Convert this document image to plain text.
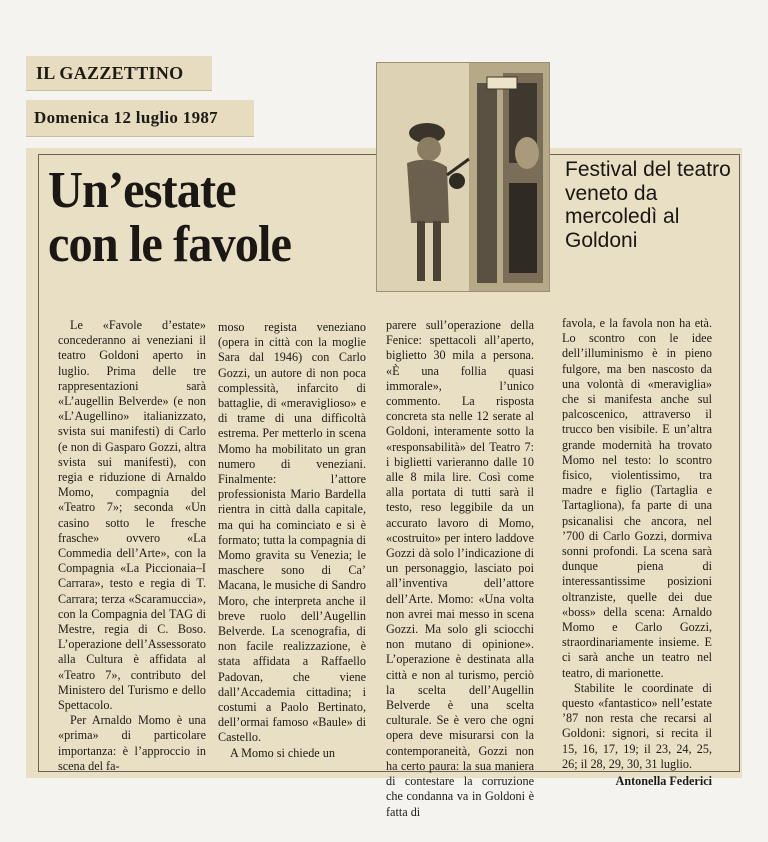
IL GAZZETTINO
Domenica 12 luglio 1987
Un’estate
con le favole

Festival del teatro veneto da mercoledì al Goldoni

Le «Favole d’estate» concederanno ai veneziani il teatro Goldoni aperto in luglio. Prima delle tre rappresentazioni sarà «L’augellin Belverde» (e non «L’Augellino» italianizzato, svista sui manifesti) di Carlo (e non di Gasparo Gozzi, altra svista sui manifesti), con regia e riduzione di Arnaldo Momo, compagnia del «Teatro 7»; seconda «Un casino sotto le fresche frasche» ovvero «La Commedia dell’Arte», con la Compagnia «La Piccionaia–I Carrara», testo e regia di T. Carrara; terza «Scaramuccia», con la Compagnia del TAG di Mestre, regia di C. Boso. L’operazione dell’Assessorato alla Cultura è affidata al «Teatro 7», contributo del Ministero del Turismo e dello Spettacolo.

Per Arnaldo Momo è una «prima» di particolare importanza: è l’approccio in scena del fa-

moso regista veneziano (opera in città con la moglie Sara dal 1946) con Carlo Gozzi, un autore di non poca complessità, infarcito di battaglie, di «meraviglioso» e di trame di una difficoltà estrema. Per metterlo in scena Momo ha mobilitato un gran numero di veneziani. Finalmente: l’attore professionista Mario Bardella rientra in città dalla capitale, ma qui ha cominciato e si è formato; tutta la compagnia di Momo gravita su Venezia; le maschere sono di Ca’ Macana, le musiche di Sandro Moro, che interpreta anche il breve ruolo dell’Augellin Belverde. La scenografia, di non facile realizzazione, è stata affidata a Raffaello Padovan, che viene dall’Accademia cittadina; i costumi a Paolo Bertinato, dell’ormai famoso «Baule» di Castello.

A Momo si chiede un

parere sull’operazione della Fenice: spettacoli all’aperto, biglietto 30 mila a persona. «È una follia quasi immorale», l’unico commento. La risposta concreta sta nelle 12 serate al Goldoni, interamente sotto la «responsabilità» del Teatro 7: i biglietti varieranno dalle 10 alle 8 mila lire. Così come alla portata di tutti sarà il testo, reso leggibile da un accurato lavoro di Momo, «costruito» per intero laddove Gozzi dà solo l’indicazione di un personaggio, lasciato poi all’inventiva dell’attore dell’Arte. Momo: «Una volta non avrei mai messo in scena Gozzi. Ma solo gli sciocchi non mutano di opinione». L’operazione è destinata alla città e non al turismo, perciò la scelta dell’Augellin Belverde è una scelta culturale. Se è vero che ogni opera deve misurarsi con la contemporaneità, Gozzi non ha certo paura: la sua maniera di contestare la corruzione che condanna va in Goldoni è fatta di

favola, e la favola non ha età. Lo scontro con le idee dell’illuminismo è in pieno fulgore, ma ben nascosto da una volontà di «meraviglia» che si manifesta anche sul palcoscenico, attraverso il trucco ben visibile. E un’altra grande modernità ha trovato Momo nel testo: lo scontro fisico, violentissimo, tra madre e figlio (Tartaglia e Tartagliona), fa parte di una psicanalisi che ancora, nel ’700 di Carlo Gozzi, dormiva sonni profondi. La scena sarà dunque piena di interessantissime posizioni oltranziste, quelle dei due «boss» della scena: Arnaldo Momo e Carlo Gozzi, straordinariamente insieme. E ci sarà anche un teatro nel teatro, di marionette.

Stabilite le coordinate di questo «fantastico» nell’estate ’87 non resta che recarsi al Goldoni: signori, si recita il 15, 16, 17, 19; il 23, 24, 25, 26; il 28, 29, 30, 31 luglio.

Antonella Federici
